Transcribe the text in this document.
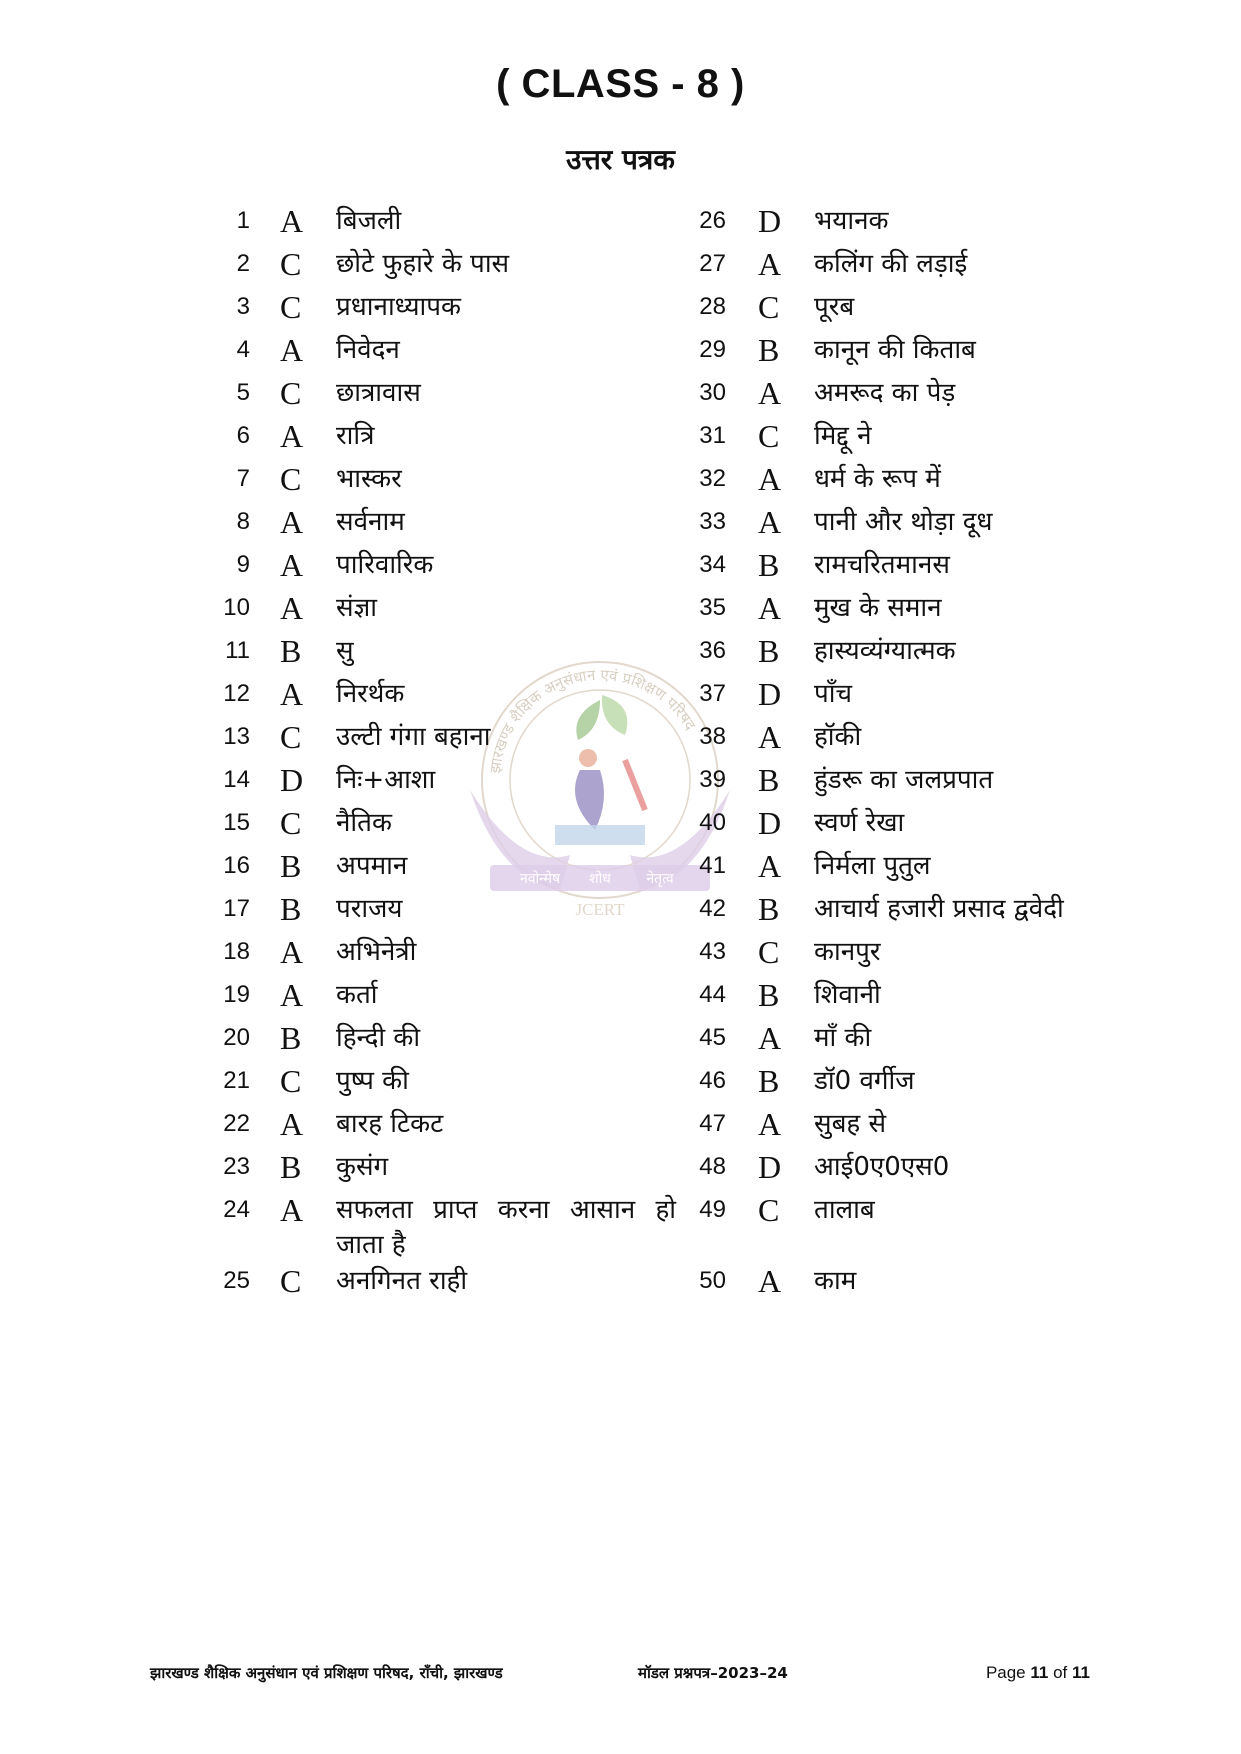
( CLASS - 8 )
उत्तर पत्रक
झारखण्ड शैक्षिक अनुसंधान एवं प्रशिक्षण परिषद
नवोन्मेष शोध	नेतृत्व
JCERT
1 A बिजली
2 C छोटे फुहारे के पास
3 C प्रधानाध्यापक
4 A निवेदन
5 C छात्रावास
6 A रात्रि
7 C भास्कर
8 A सर्वनाम
9 A पारिवारिक
10 A संज्ञा
11 B सु
12 A निरर्थक
13 C उल्टी गंगा बहाना
14 D निः+आशा
15 C नैतिक
16 B अपमान
17 B पराजय
18 A अभिनेत्री
19 A कर्ता
20 B हिन्दी की
21 C पुष्प की
22 A बारह टिकट
23 B कुसंग
24 A सफलता प्राप्त करना आसान हो जाता है
25 C अनगिनत राही
26 D भयानक
27 A कलिंग की लड़ाई
28 C पूरब
29 B कानून की किताब
30 A अमरूद का पेड़
31 C मिद्दू ने
32 A धर्म के रूप में
33 A पानी और थोड़ा दूध
34 B रामचरितमानस
35 A मुख के समान
36 B हास्यव्यंग्यात्मक
37 D पाँच
38 A हॉकी
39 B हुंडरू का जलप्रपात
40 D स्वर्ण रेखा
41 A निर्मला पुतुल
42 B आचार्य हजारी प्रसाद द्ववेदी
43 C कानपुर
44 B शिवानी
45 A माँ की
46 B डॉ0 वर्गीज
47 A सुबह से
48 D आई0ए0एस0
49 C तालाब
50 A काम
झारखण्ड शैक्षिक अनुसंधान एवं प्रशिक्षण परिषद, राँची, झारखण्ड	मॉडल प्रश्नपत्र–2023–24	Page 11 of 11
